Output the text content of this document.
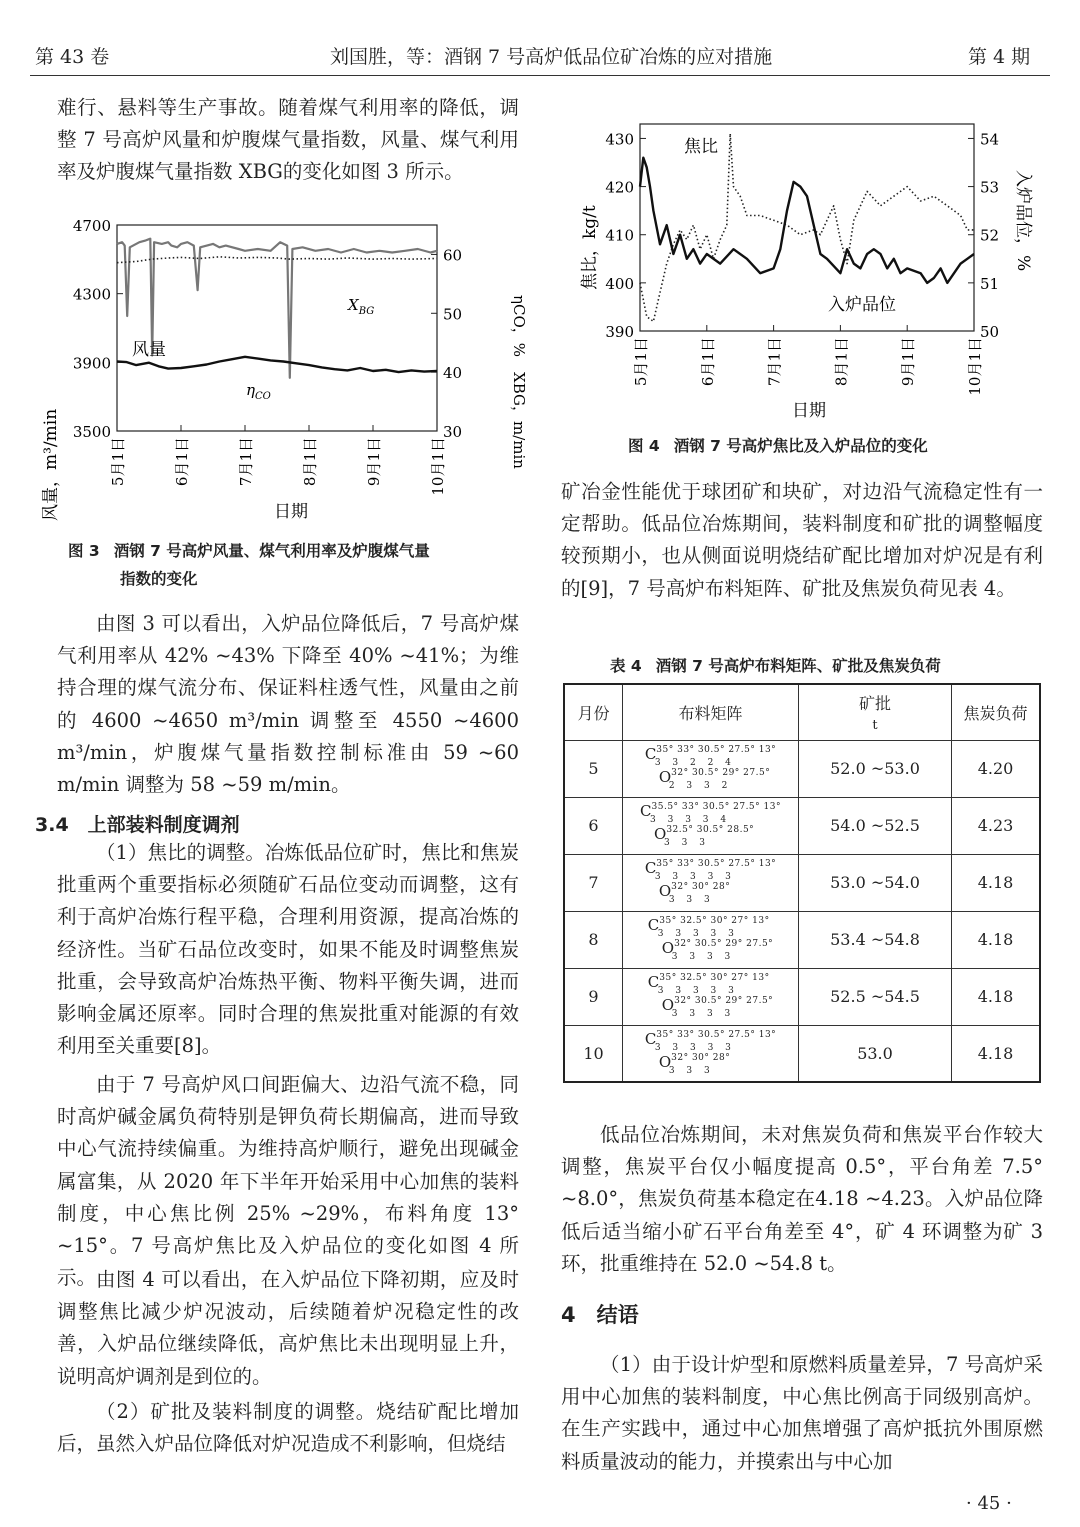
第 43 卷	刘国胜，等：酒钢 7 号高炉低品位矿冶炼的应对措施	第 4 期

难行、悬料等生产事故。随着煤气利用率的降低，调整 7 号高炉风量和炉腹煤气量指数，风量、煤气利用率及炉腹煤气量指数 XBG的变化如图 3 所示。

3500
3900
4300
4700
30
40
50
60
5月1日	6月1日	7月1日	8月1日	9月1日	10月1日
日期
风量，m³/min	ηCO，%　XBG，m/min
风量
$X_{BG}$
$\eta_{CO}$
图 3 酒钢 7 号高炉风量、煤气利用率及炉腹煤气量
指数的变化

由图 3 可以看出，入炉品位降低后，7 号高炉煤气利用率从 42% ~43% 下降至 40% ~41%；为维持合理的煤气流分布、保证料柱透气性，风量由之前的 4600 ~4650 m³/min 调整至 4550 ~4600 m³/min，炉腹煤气量指数控制标准由 59 ~60 m/min 调整为 58 ~59 m/min。

3.4　上部装料制度调剂

（1）焦比的调整。冶炼低品位矿时，焦比和焦炭批重两个重要指标必须随矿石品位变动而调整，这有利于高炉冶炼行程平稳，合理利用资源，提高冶炼的经济性。当矿石品位改变时，如果不能及时调整焦炭批重，会导致高炉冶炼热平衡、物料平衡失调，进而影响金属还原率。同时合理的焦炭批重对能源的有效利用至关重要[8]。

由于 7 号高炉风口间距偏大、边沿气流不稳，同时高炉碱金属负荷特别是钾负荷长期偏高，进而导致中心气流持续偏重。为维持高炉顺行，避免出现碱金属富集，从 2020 年下半年开始采用中心加焦的装料制度，中心焦比例 25% ~29%，布料角度 13° ~15°。7 号高炉焦比及入炉品位的变化如图 4 所示。 由图 4 可以看出，在入炉品位下降初期，应及时调整焦比减少炉况波动，后续随着炉况稳定性的改善，入炉品位继续降低，高炉焦比未出现明显上升，说明高炉调剂是到位的。

（2）矿批及装料制度的调整。烧结矿配比增加后，虽然入炉品位降低对炉况造成不利影响，但烧结

390
400
410
420
430
50
51
52
53
54
5月1日	6月1日	7月1日	8月1日	9月1日	10月1日
日期
焦比，kg/t	入炉品位，%
焦比
入炉品位
图 4 酒钢 7 号高炉焦比及入炉品位的变化

矿冶金性能优于球团矿和块矿，对边沿气流稳定性有一定帮助。低品位冶炼期间，装料制度和矿批的调整幅度较预期小，也从侧面说明烧结矿配比增加对炉况是有利的[9]，7 号高炉布料矩阵、矿批及焦炭负荷见表 4。

表 4 酒钢 7 号高炉布料矩阵、矿批及焦炭负荷
月份	布料矩阵	矿批
t	焦炭负荷
5	C35° 33° 30.5° 27.5° 13°
3　 3　 2　 2　 4
O32° 30.5° 29° 27.5°
2　 3　 3　 2	52.0 ~53.0	4.20
6	C35.5° 33° 30.5° 27.5° 13°
3　 3　 3　 3　 4
O32.5° 30.5° 28.5°
3　 3　 3	54.0 ~52.5	4.23
7	C35° 33° 30.5° 27.5° 13°
3　 3　 3　 3　 3
O32° 30° 28°
3　 3　 3	53.0 ~54.0	4.18
8	C35° 32.5° 30° 27° 13°
3　 3　 3　 3　 3
O32° 30.5° 29° 27.5°
3　 3　 3　 3	53.4 ~54.8	4.18
9	C35° 32.5° 30° 27° 13°
3　 3　 3　 3　 3
O32° 30.5° 29° 27.5°
3　 3　 3　 3	52.5 ~54.5	4.18
10	C35° 33° 30.5° 27.5° 13°
3　 3　 3　 3　 3
O32° 30° 28°
3　 3　 3	53.0	4.18

低品位冶炼期间，未对焦炭负荷和焦炭平台作较大调整，焦炭平台仅小幅度提高 0.5°，平台角差 7.5° ~8.0°，焦炭负荷基本稳定在4.18 ~4.23。入炉品位降低后适当缩小矿石平台角差至 4°，矿 4 环调整为矿 3 环，批重维持在 52.0 ~54.8 t。

4　结语

（1）由于设计炉型和原燃料质量差异，7 号高炉采用中心加焦的装料制度，中心焦比例高于同级别高炉。在生产实践中，通过中心加焦增强了高炉抵抗外围原燃料质量波动的能力，并摸索出与中心加

· 45 ·
